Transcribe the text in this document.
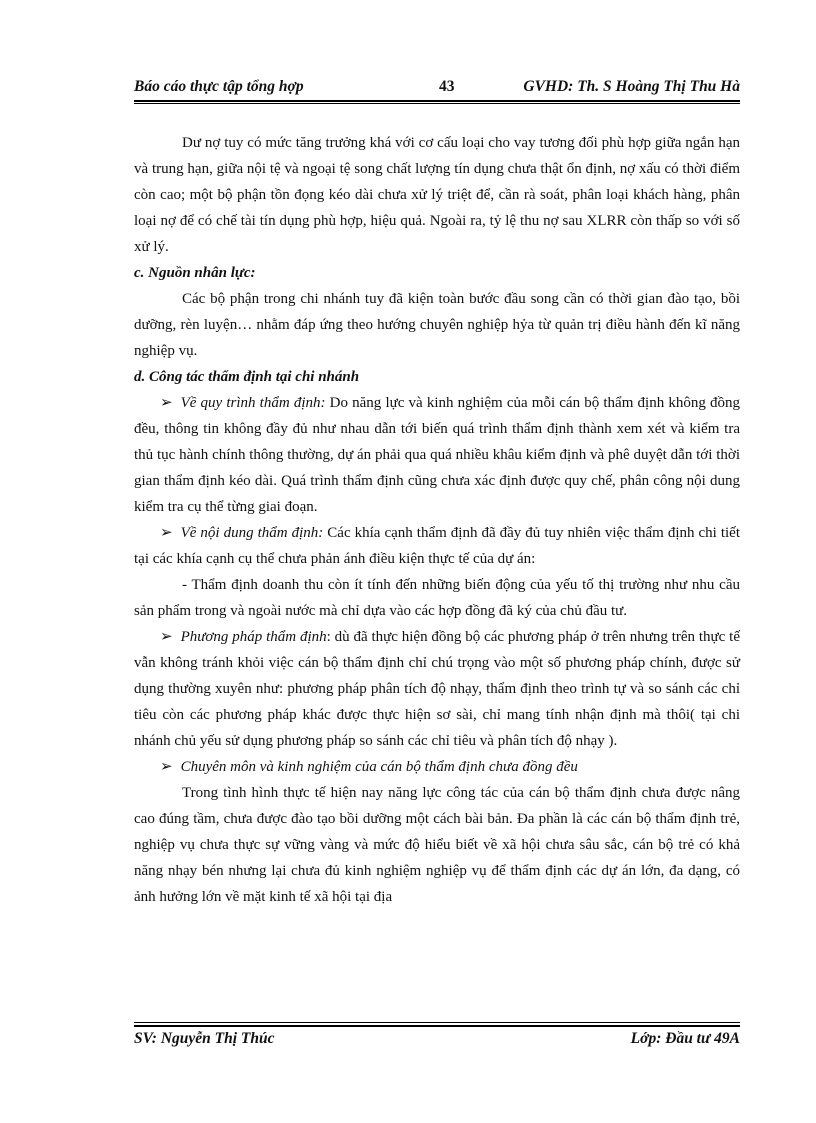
Báo cáo thực tập tổng hợp	43	GVHD: Th. S Hoàng Thị Thu Hà

Dư nợ tuy có mức tăng trưởng khá với cơ cấu loại cho vay tương đối phù hợp giữa ngắn hạn và trung hạn, giữa nội tệ và ngoại tệ song chất lượng tín dụng chưa thật ổn định, nợ xấu có thời điểm còn cao; một bộ phận tồn đọng kéo dài chưa xử lý triệt để, cần rà soát, phân loại khách hàng, phân loại nợ để có chế tài tín dụng phù hợp, hiệu quả. Ngoài ra, tỷ lệ thu nợ sau XLRR còn thấp so với số xử lý.

c. Nguồn nhân lực:

Các bộ phận trong chi nhánh tuy đã kiện toàn bước đầu song cần có thời gian đào tạo, bồi dưỡng, rèn luyện… nhằm đáp ứng theo hướng chuyên nghiệp hỷa từ quản trị điều hành đến kĩ năng nghiệp vụ.

d. Công tác thẩm định tại chi nhánh

➢ Về quy trình thẩm định: Do năng lực và kinh nghiệm của mỗi cán bộ thẩm định không đồng đều, thông tin không đầy đủ như nhau dẫn tới biến quá trình thẩm định thành xem xét và kiểm tra thủ tục hành chính thông thường, dự án phải qua quá nhiều khâu kiểm định và phê duyệt dẫn tới thời gian thẩm định kéo dài. Quá trình thẩm định cũng chưa xác định được quy chế, phân công nội dung kiểm tra cụ thể từng giai đoạn.

➢ Về nội dung thẩm định: Các khía cạnh thẩm định đã đầy đủ tuy nhiên việc thẩm định chi tiết tại các khía cạnh cụ thể chưa phản ánh điều kiện thực tế của dự án:

- Thẩm định doanh thu còn ít tính đến những biến động của yếu tố thị trường như nhu cầu sản phẩm trong và ngoài nước mà chỉ dựa vào các hợp đồng đã ký của chủ đầu tư.

➢ Phương pháp thẩm định: dù đã thực hiện đồng bộ các phương pháp ở trên nhưng trên thực tế vẫn không tránh khỏi việc cán bộ thẩm định chỉ chú trọng vào một số phương pháp chính, được sử dụng thường xuyên như: phương pháp phân tích độ nhạy, thẩm định theo trình tự và so sánh các chỉ tiêu còn các phương pháp khác được thực hiện sơ sài, chỉ mang tính nhận định mà thôi( tại chi nhánh chủ yếu sử dụng phương pháp so sánh các chỉ tiêu và phân tích độ nhạy ).

➢ Chuyên môn và kinh nghiệm của cán bộ thẩm định chưa đồng đều

Trong tình hình thực tế hiện nay năng lực công tác của cán bộ thẩm định chưa được nâng cao đúng tầm, chưa được đào tạo bồi dưỡng một cách bài bản. Đa phần là các cán bộ thẩm định trẻ, nghiệp vụ chưa thực sự vững vàng và mức độ hiểu biết về xã hội chưa sâu sắc, cán bộ trẻ có khả năng nhạy bén nhưng lại chưa đủ kinh nghiệm nghiệp vụ để thẩm định các dự án lớn, đa dạng, có ảnh hưởng lớn về mặt kinh tế xã hội tại địa

SV: Nguyễn Thị Thúc	Lớp: Đầu tư 49A
